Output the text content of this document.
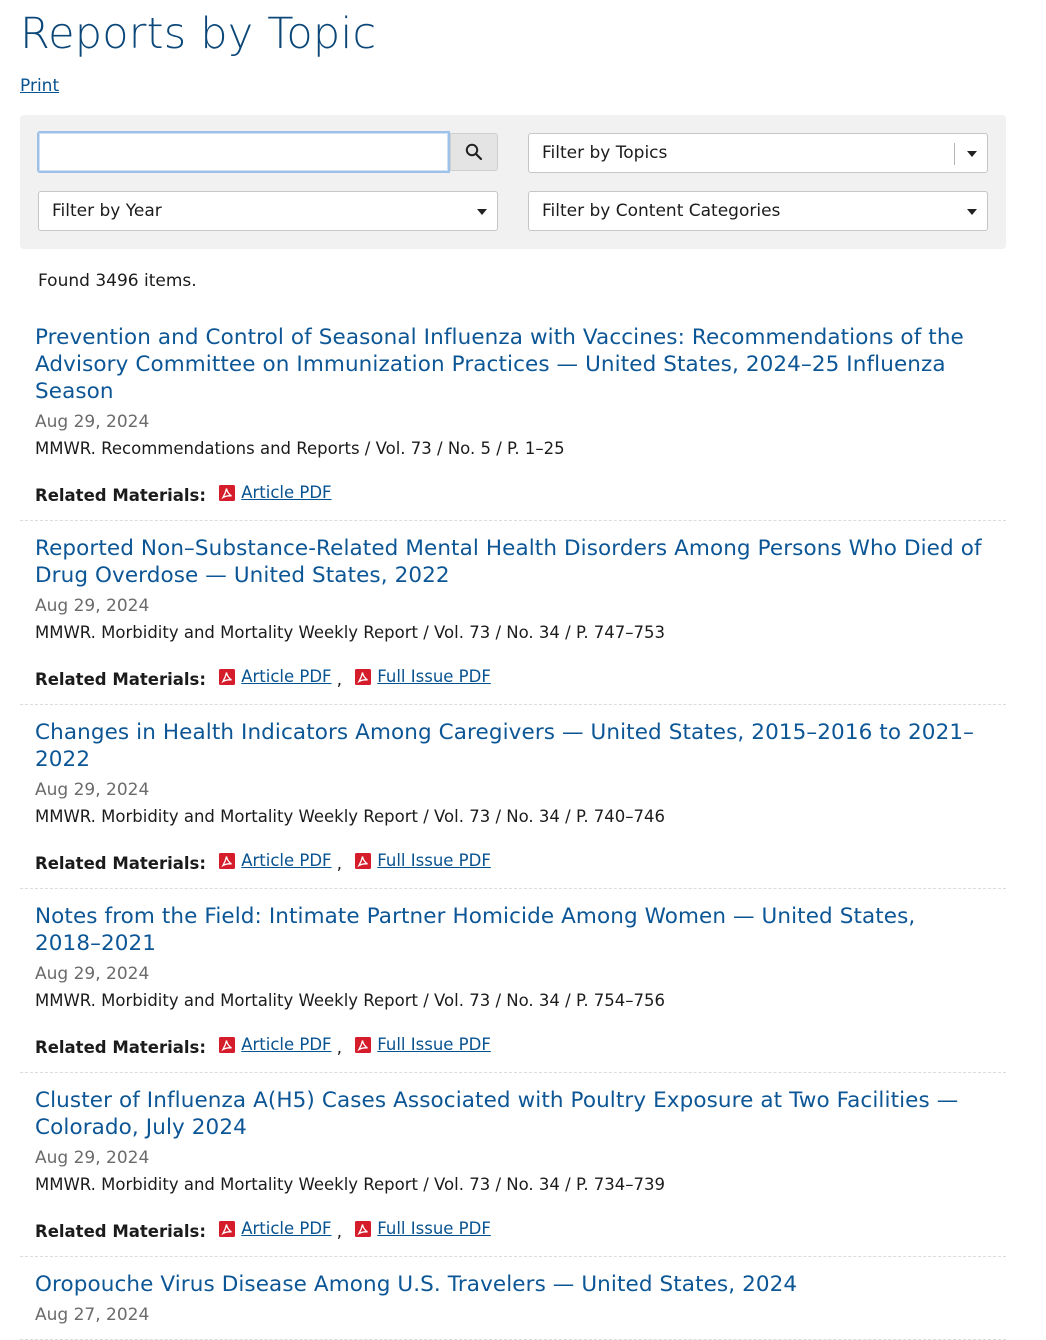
Reports by Topic
Print
Filter by Topics
Filter by Year	Filter by Content Categories
Found 3496 items.
Prevention and Control of Seasonal Influenza with Vaccines: Recommendations of the Advisory Committee on Immunization Practices — United States, 2024–25 Influenza Season
Aug 29, 2024
MMWR. Recommendations and Reports / Vol. 73 / No. 5 / P. 1–25
Related Materials: Article PDF
Reported Non–Substance-Related Mental Health Disorders Among Persons Who Died of Drug Overdose — United States, 2022
Aug 29, 2024
MMWR. Morbidity and Mortality Weekly Report / Vol. 73 / No. 34 / P. 747–753
Related Materials: Article PDF , Full Issue PDF
Changes in Health Indicators Among Caregivers — United States, 2015–2016 to 2021–2022
Aug 29, 2024
MMWR. Morbidity and Mortality Weekly Report / Vol. 73 / No. 34 / P. 740–746
Related Materials: Article PDF , Full Issue PDF
Notes from the Field: Intimate Partner Homicide Among Women — United States, 2018–2021
Aug 29, 2024
MMWR. Morbidity and Mortality Weekly Report / Vol. 73 / No. 34 / P. 754–756
Related Materials: Article PDF , Full Issue PDF
Cluster of Influenza A(H5) Cases Associated with Poultry Exposure at Two Facilities — Colorado, July 2024
Aug 29, 2024
MMWR. Morbidity and Mortality Weekly Report / Vol. 73 / No. 34 / P. 734–739
Related Materials: Article PDF , Full Issue PDF
Oropouche Virus Disease Among U.S. Travelers — United States, 2024
Aug 27, 2024
